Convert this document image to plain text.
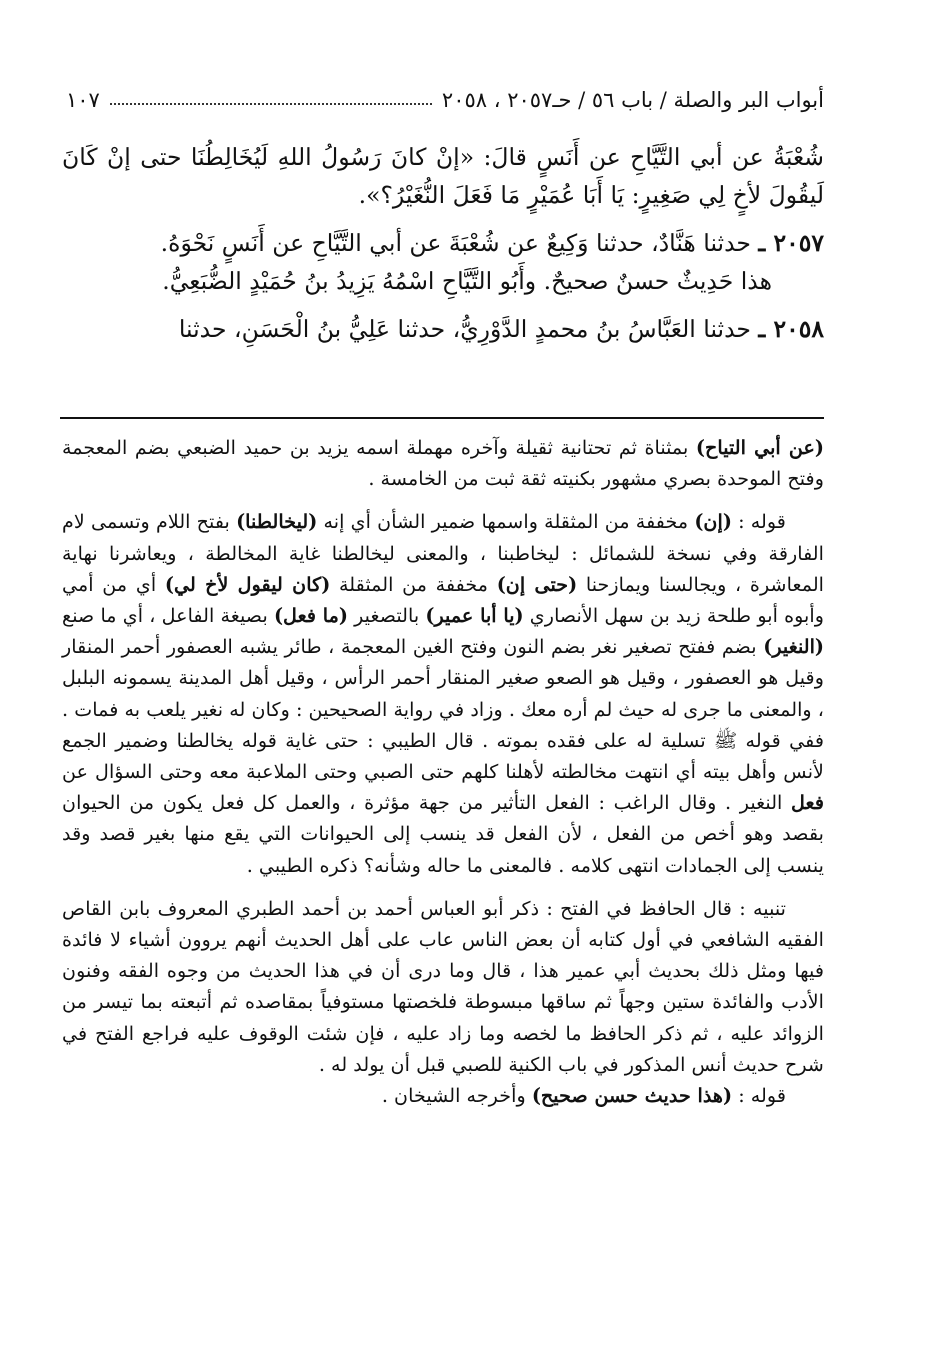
أبواب البر والصلة / باب ٥٦ / حـ٢٠٥٧ ، ٢٠٥٨
١٠٧

شُعْبَةُ عن أبي التَّيَّاحِ عن أَنَسٍ قالَ: «إنْ كانَ رَسُولُ اللهِ لَيُخَالِطُنَا حتى إنْ كَانَ لَيقُولَ لأخٍ لِي صَغِيرٍ: يَا أَبَا عُمَيْرٍ مَا فَعَلَ النُّغَيْرُ؟».

٢٠٥٧ ـ حدثنا هَنَّادٌ، حدثنا وَكِيعٌ عن شُعْبَةَ عن أبي التَّيَّاحِ عن أَنَسٍ نَحْوَهُ.

هذا حَدِيثٌ حسنٌ صحيحٌ. وأَبُو التَّيَّاحِ اسْمُهُ يَزِيدُ بنُ حُمَيْدٍ الضُّبَعِيُّ.

٢٠٥٨ ـ حدثنا العَبَّاسُ بنُ محمدٍ الدَّوْرِيُّ، حدثنا عَلِيُّ بنُ الْحَسَنِ، حدثنا

(عن أبي التياح) بمثناة ثم تحتانية ثقيلة وآخره مهملة اسمه يزيد بن حميد الضبعي بضم المعجمة وفتح الموحدة بصري مشهور بكنيته ثقة ثبت من الخامسة .

قوله : (إن) مخففة من المثقلة واسمها ضمير الشأن أي إنه (ليخالطنا) بفتح اللام وتسمى لام الفارقة وفي نسخة للشمائل : ليخاطبنا ، والمعنى ليخالطنا غاية المخالطة ، ويعاشرنا نهاية المعاشرة ، ويجالسنا ويمازحنا (حتى إن) مخففة من المثقلة (كان ليقول لأخ لي) أي من أمي وأبوه أبو طلحة زيد بن سهل الأنصاري (يا أبا عمير) بالتصغير (ما فعل) بصيغة الفاعل ، أي ما صنع (النغير) بضم ففتح تصغير نغر بضم النون وفتح الغين المعجمة ، طائر يشبه العصفور أحمر المنقار وقيل هو العصفور ، وقيل هو الصعو صغير المنقار أحمر الرأس ، وقيل أهل المدينة يسمونه البلبل ، والمعنى ما جرى له حيث لم أره معك . وزاد في رواية الصحيحين : وكان له نغير يلعب به فمات . ففي قوله ﷺ تسلية له على فقده بموته . قال الطيبي : حتى غاية قوله يخالطنا وضمير الجمع لأنس وأهل بيته أي انتهت مخالطته لأهلنا كلهم حتى الصبي وحتى الملاعبة معه وحتى السؤال عن فعل النغير . وقال الراغب : الفعل التأثير من جهة مؤثرة ، والعمل كل فعل يكون من الحيوان بقصد وهو أخص من الفعل ، لأن الفعل قد ينسب إلى الحيوانات التي يقع منها بغير قصد وقد ينسب إلى الجمادات انتهى كلامه . فالمعنى ما حاله وشأنه؟ ذكره الطيبي .

تنبيه : قال الحافظ في الفتح : ذكر أبو العباس أحمد بن أحمد الطبري المعروف بابن القاص الفقيه الشافعي في أول كتابه أن بعض الناس عاب على أهل الحديث أنهم يروون أشياء لا فائدة فيها ومثل ذلك بحديث أبي عمير هذا ، قال وما درى أن في هذا الحديث من وجوه الفقه وفنون الأدب والفائدة ستين وجهاً ثم ساقها مبسوطة فلخصتها مستوفياً بمقاصده ثم أتبعته بما تيسر من الزوائد عليه ، ثم ذكر الحافظ ما لخصه وما زاد عليه ، فإن شئت الوقوف عليه فراجع الفتح في شرح حديث أنس المذكور في باب الكنية للصبي قبل أن يولد له .

قوله : (هذا حديث حسن صحيح) وأخرجه الشيخان .
